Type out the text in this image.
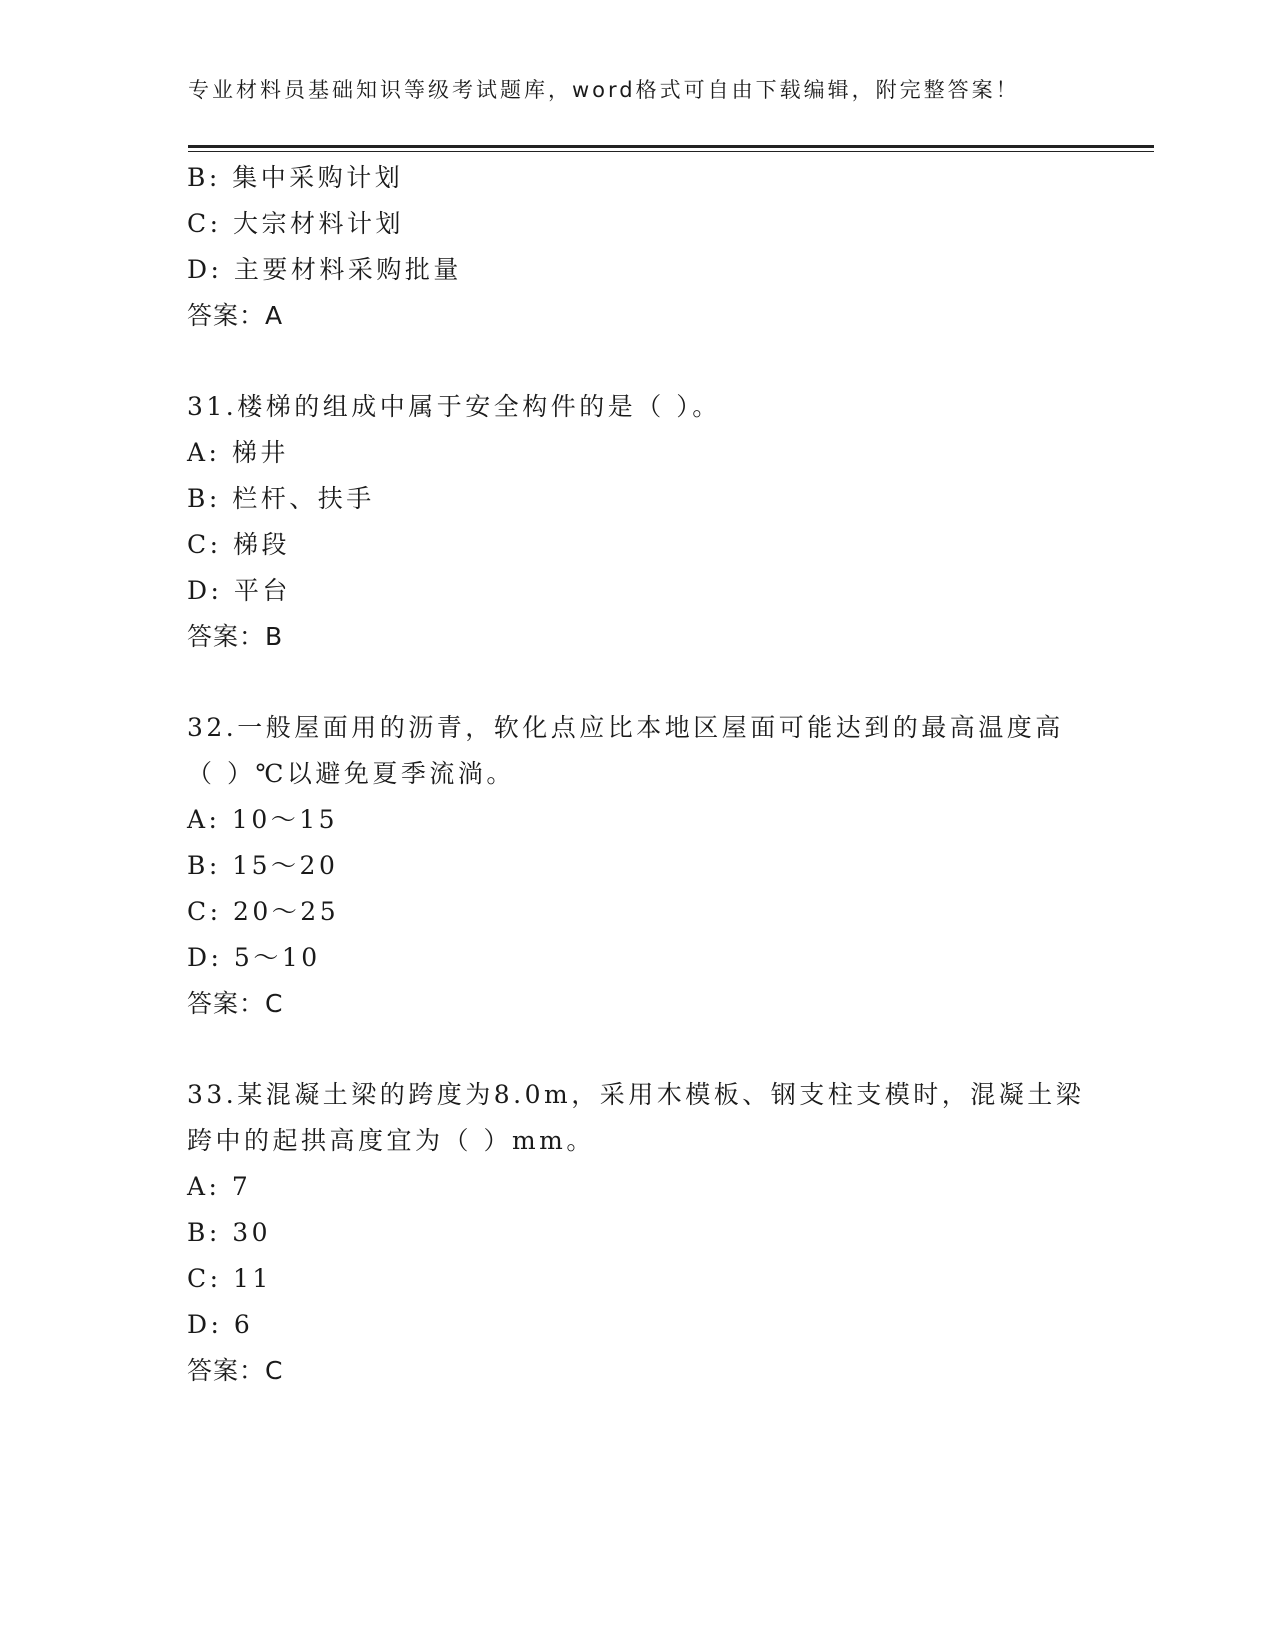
专业材料员基础知识等级考试题库，word格式可自由下载编辑，附完整答案！
B: 集中采购计划
C: 大宗材料计划
D: 主要材料采购批量
答案：A
31.楼梯的组成中属于安全构件的是（ ）。
A: 梯井
B: 栏杆、扶手
C: 梯段
D: 平台
答案：B
32.一般屋面用的沥青，软化点应比本地区屋面可能达到的最高温度高
（ ）℃以避免夏季流淌。
A: 10～15
B: 15～20
C: 20～25
D: 5～10
答案：C
33.某混凝土梁的跨度为8.0m，采用木模板、钢支柱支模时，混凝土梁
跨中的起拱高度宜为（ ）mm。
A: 7
B: 30
C: 11
D: 6
答案：C
